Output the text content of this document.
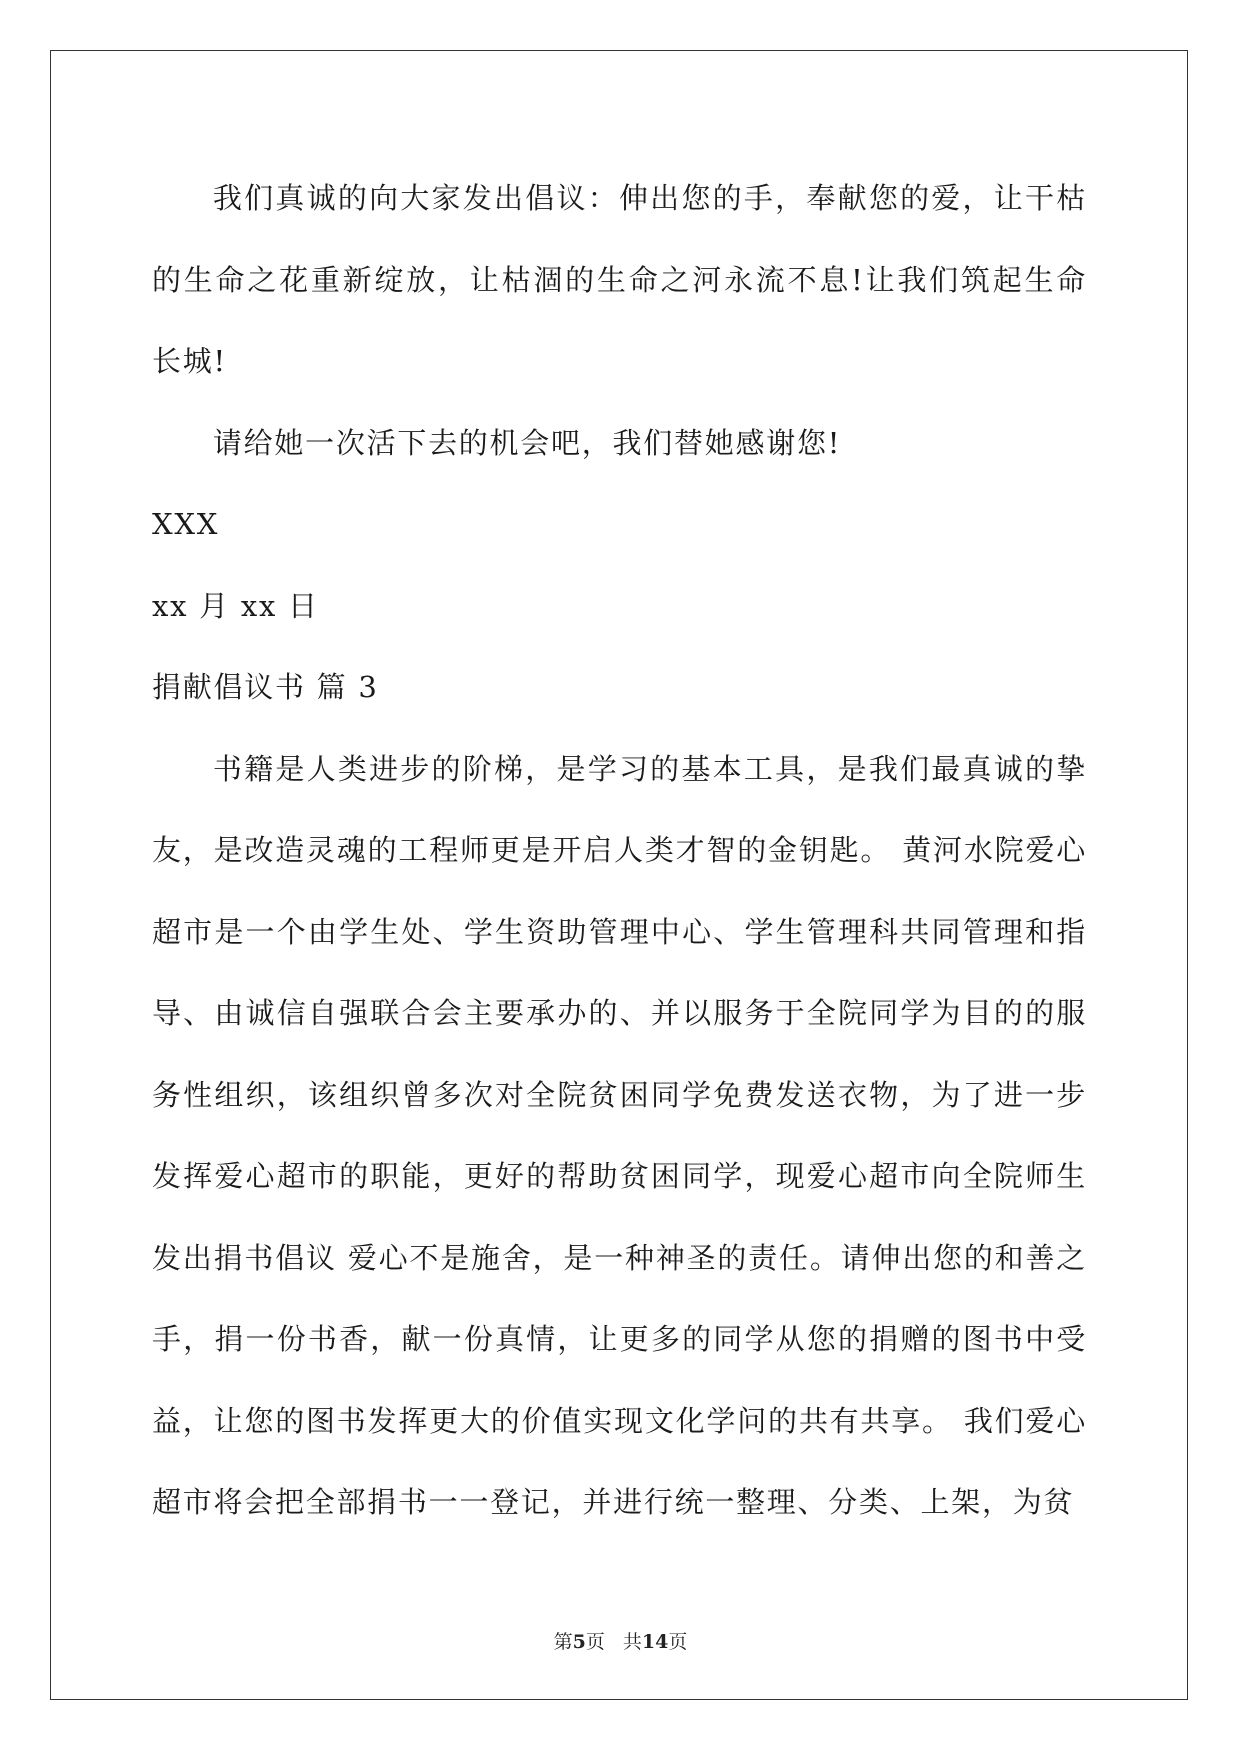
我们真诚的向大家发出倡议：伸出您的手，奉献您的爱，让干枯的生命之花重新绽放，让枯涸的生命之河永流不息!让我们筑起生命长城!

请给她一次活下去的机会吧，我们替她感谢您!

XXX

xx 月 xx 日

捐献倡议书 篇 3

书籍是人类进步的阶梯，是学习的基本工具，是我们最真诚的挚友，是改造灵魂的工程师更是开启人类才智的金钥匙。 黄河水院爱心超市是一个由学生处、学生资助管理中心、学生管理科共同管理和指导、由诚信自强联合会主要承办的、并以服务于全院同学为目的的服务性组织，该组织曾多次对全院贫困同学免费发送衣物，为了进一步发挥爱心超市的职能，更好的帮助贫困同学，现爱心超市向全院师生发出捐书倡议 爱心不是施舍，是一种神圣的责任。请伸出您的和善之手，捐一份书香，献一份真情，让更多的同学从您的捐赠的图书中受益，让您的图书发挥更大的价值实现文化学问的共有共享。 我们爱心超市将会把全部捐书一一登记，并进行统一整理、分类、上架，为贫

第5页 共14页
